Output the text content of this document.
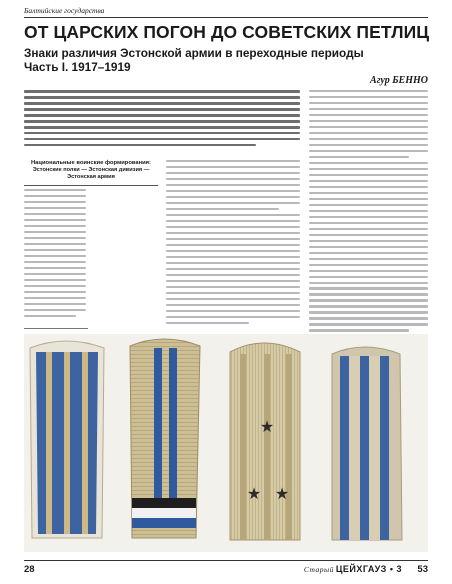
Балтийские государства
ОТ ЦАРСКИХ ПОГОН ДО СОВЕТСКИХ ПЕТЛИЦ
Знаки различия Эстонской армии в переходные периоды
Часть I. 1917–1919
Агур БЕННО
Национальные воинские формирования:
Эстонские полки — Эстонская дивизия — Эстонская армия
★
★ ★
28	Старый ЦЕЙХГАУЗ • 3 53
